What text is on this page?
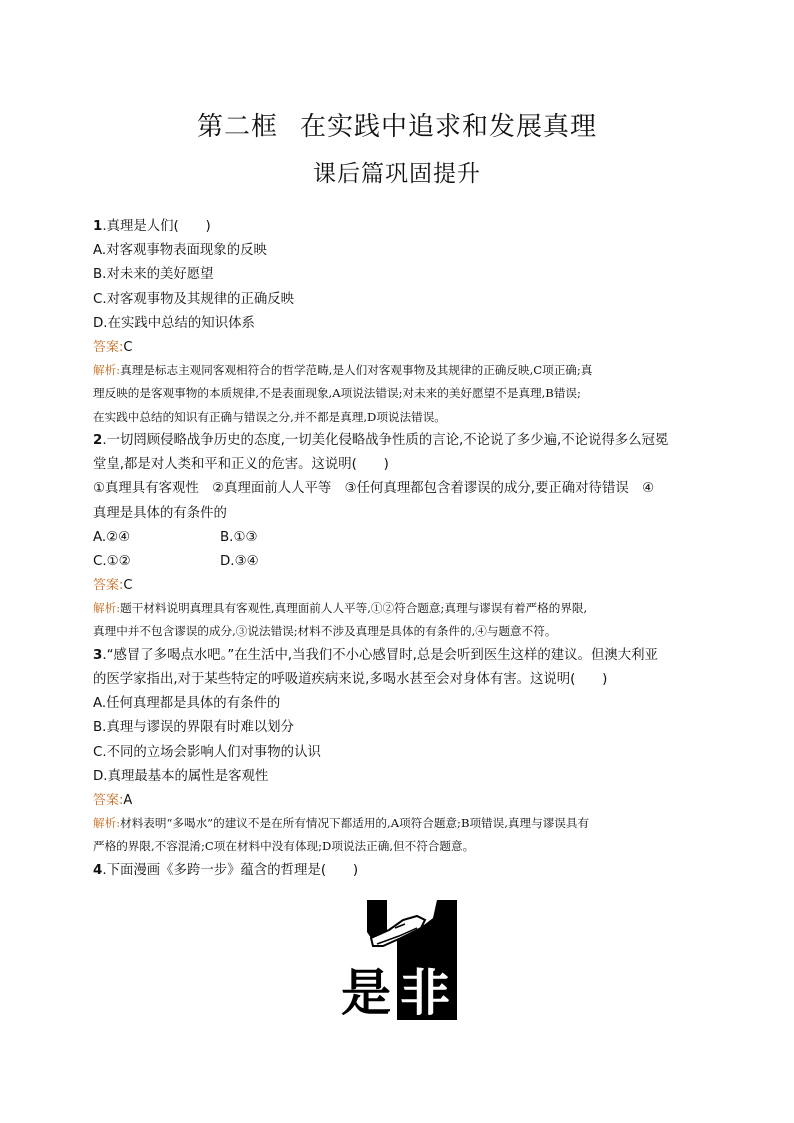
第二框 在实践中追求和发展真理
课后篇巩固提升
1.真理是人们(　　)
A.对客观事物表面现象的反映
B.对未来的美好愿望
C.对客观事物及其规律的正确反映
D.在实践中总结的知识体系
答案:C
解析:真理是标志主观同客观相符合的哲学范畴,是人们对客观事物及其规律的正确反映,C项正确;真
理反映的是客观事物的本质规律,不是表面现象,A项说法错误;对未来的美好愿望不是真理,B错误;
在实践中总结的知识有正确与错误之分,并不都是真理,D项说法错误。
2.一切罔顾侵略战争历史的态度,一切美化侵略战争性质的言论,不论说了多少遍,不论说得多么冠冕
堂皇,都是对人类和平和正义的危害。这说明(　　)
①真理具有客观性　②真理面前人人平等　③任何真理都包含着谬误的成分,要正确对待错误　④
真理是具体的有条件的
A.②④	B.①③
C.①②	D.③④
答案:C
解析:题干材料说明真理具有客观性,真理面前人人平等,①②符合题意;真理与谬误有着严格的界限,
真理中并不包含谬误的成分,③说法错误;材料不涉及真理是具体的有条件的,④与题意不符。
3.“感冒了多喝点水吧。”在生活中,当我们不小心感冒时,总是会听到医生这样的建议。但澳大利亚
的医学家指出,对于某些特定的呼吸道疾病来说,多喝水甚至会对身体有害。这说明(　　)
A.任何真理都是具体的有条件的
B.真理与谬误的界限有时难以划分
C.不同的立场会影响人们对事物的认识
D.真理最基本的属性是客观性
答案:A
解析:材料表明“多喝水”的建议不是在所有情况下都适用的,A项符合题意;B项错误,真理与谬误具有
严格的界限,不容混淆;C项在材料中没有体现;D项说法正确,但不符合题意。
4.下面漫画《多跨一步》蕴含的哲理是(　　)
是 非
